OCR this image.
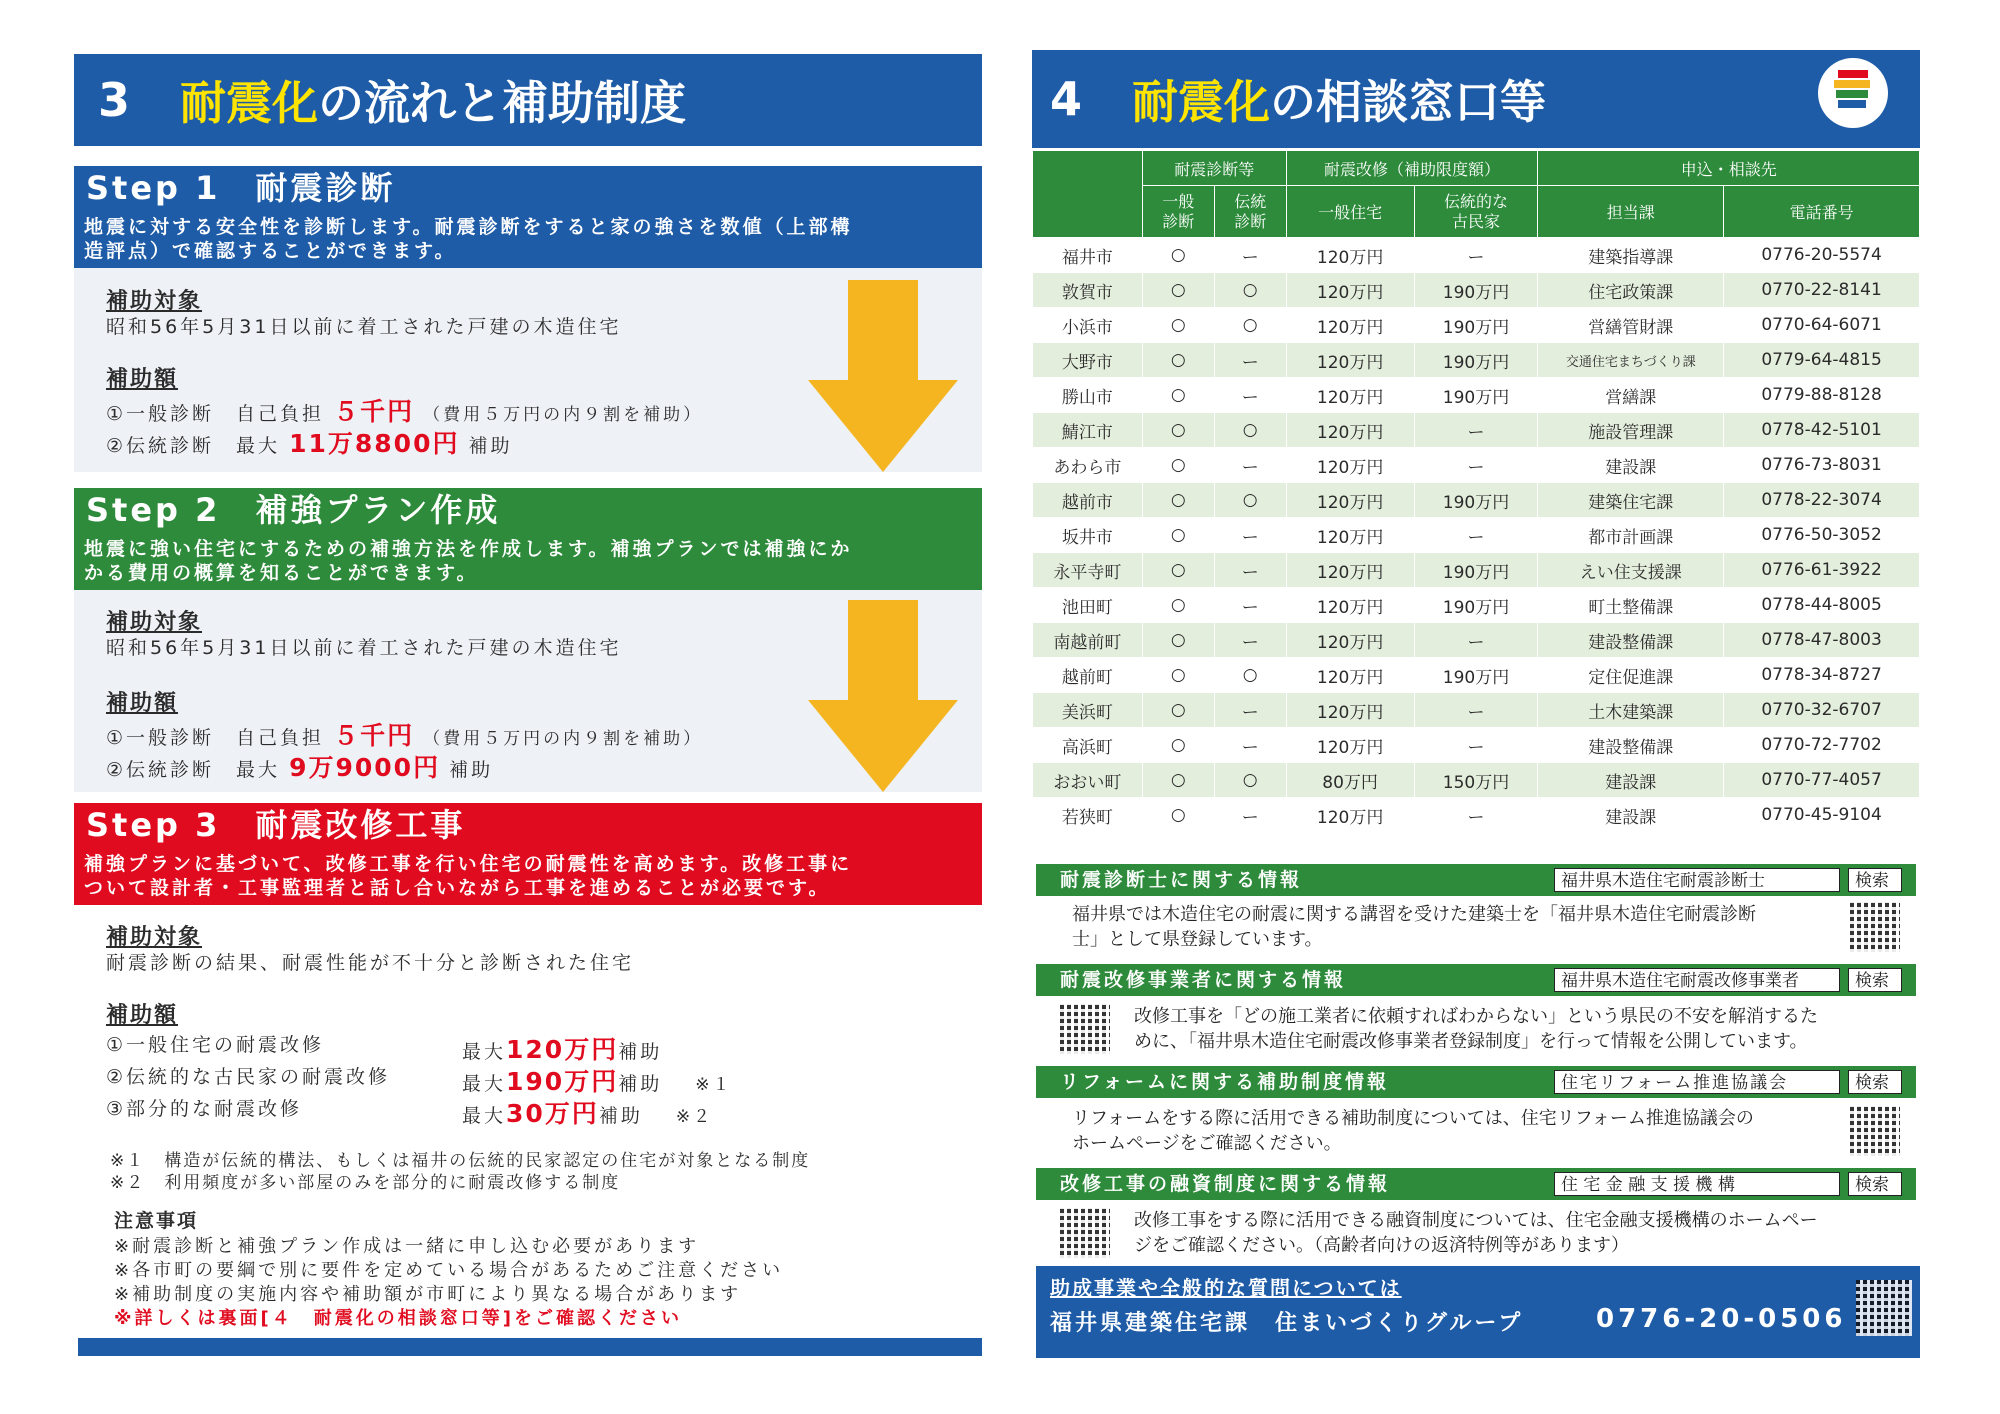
3 耐震化 の流れと補助制度
Step 1　耐震診断
地震に対する安全性を診断します。耐震診断をすると家の強さを数値（上部構
造評点）で確認することができます。
補助対象
昭和56年5月31日以前に着工された戸建の木造住宅
補助額
①一般診断　自己負担 ５千円 （費用５万円の内９割を補助）
②伝統診断　最大 11万8800円 補助
Step 2　補強プラン作成
地震に強い住宅にするための補強方法を作成します。補強プランでは補強にか
かる費用の概算を知ることができます。
補助対象
昭和56年5月31日以前に着工された戸建の木造住宅
補助額
①一般診断　自己負担 ５千円 （費用５万円の内９割を補助）
②伝統診断　最大 9万9000円 補助
Step 3　耐震改修工事
補強プランに基づいて、改修工事を行い住宅の耐震性を高めます。改修工事に
ついて設計者・工事監理者と話し合いながら工事を進めることが必要です。
補助対象
耐震診断の結果、耐震性能が不十分と診断された住宅
補助額
①一般住宅の耐震改修	最大120万円補助
②伝統的な古民家の耐震改修	最大190万円補助 ※１
③部分的な耐震改修	最大30万円補助 ※２
※１　構造が伝統的構法、もしくは福井の伝統的民家認定の住宅が対象となる制度
※２　利用頻度が多い部屋のみを部分的に耐震改修する制度
注意事項
※耐震診断と補強プラン作成は一緒に申し込む必要があります
※各市町の要綱で別に要件を定めている場合があるためご注意ください
※補助制度の実施内容や補助額が市町により異なる場合があります
※詳しくは裏面[４　耐震化の相談窓口等]をご確認ください
4 耐震化 の相談窓口等
	耐震診断等		耐震改修（補助限度額）		申込・相談先	
	一般
診断	伝統
診断	一般住宅	伝統的な
古民家	担当課	電話番号
福井市	○	ー	120万円	ー	建築指導課	0776-20-5574
敦賀市	○	○	120万円	190万円	住宅政策課	0770-22-8141
小浜市	○	○	120万円	190万円	営繕管財課	0770-64-6071
大野市	○	ー	120万円	190万円	交通住宅まちづくり課	0779-64-4815
勝山市	○	ー	120万円	190万円	営繕課	0779-88-8128
鯖江市	○	○	120万円	ー	施設管理課	0778-42-5101
あわら市	○	ー	120万円	ー	建設課	0776-73-8031
越前市	○	○	120万円	190万円	建築住宅課	0778-22-3074
坂井市	○	ー	120万円	ー	都市計画課	0776-50-3052
永平寺町	○	ー	120万円	190万円	えい住支援課	0776-61-3922
池田町	○	ー	120万円	190万円	町土整備課	0778-44-8005
南越前町	○	ー	120万円	ー	建設整備課	0778-47-8003
越前町	○	○	120万円	190万円	定住促進課	0778-34-8727
美浜町	○	ー	120万円	ー	土木建築課	0770-32-6707
高浜町	○	ー	120万円	ー	建設整備課	0770-72-7702
おおい町	○	○	80万円	150万円	建設課	0770-77-4057
若狭町	○	ー	120万円	ー	建設課	0770-45-9104
耐震診断士に関する情報	福井県木造住宅耐震診断士	検索
福井県では木造住宅の耐震に関する講習を受けた建築士を「福井県木造住宅耐震診断
士」として県登録しています。
耐震改修事業者に関する情報	福井県木造住宅耐震改修事業者	検索
改修工事を「どの施工業者に依頼すればわからない」という県民の不安を解消するた
めに、「福井県木造住宅耐震改修事業者登録制度」を行って情報を公開しています。
リフォームに関する補助制度情報	住宅リフォーム推進協議会	検索
リフォームをする際に活用できる補助制度については、住宅リフォーム推進協議会の
ホームページをご確認ください。
改修工事の融資制度に関する情報	住 宅 金 融 支 援 機 構	検索
改修工事をする際に活用できる融資制度については、住宅金融支援機構のホームペー
ジをご確認ください。（高齢者向けの返済特例等があります）
助成事業や全般的な質問については
福井県建築住宅課　住まいづくりグループ	0776-20-0506
